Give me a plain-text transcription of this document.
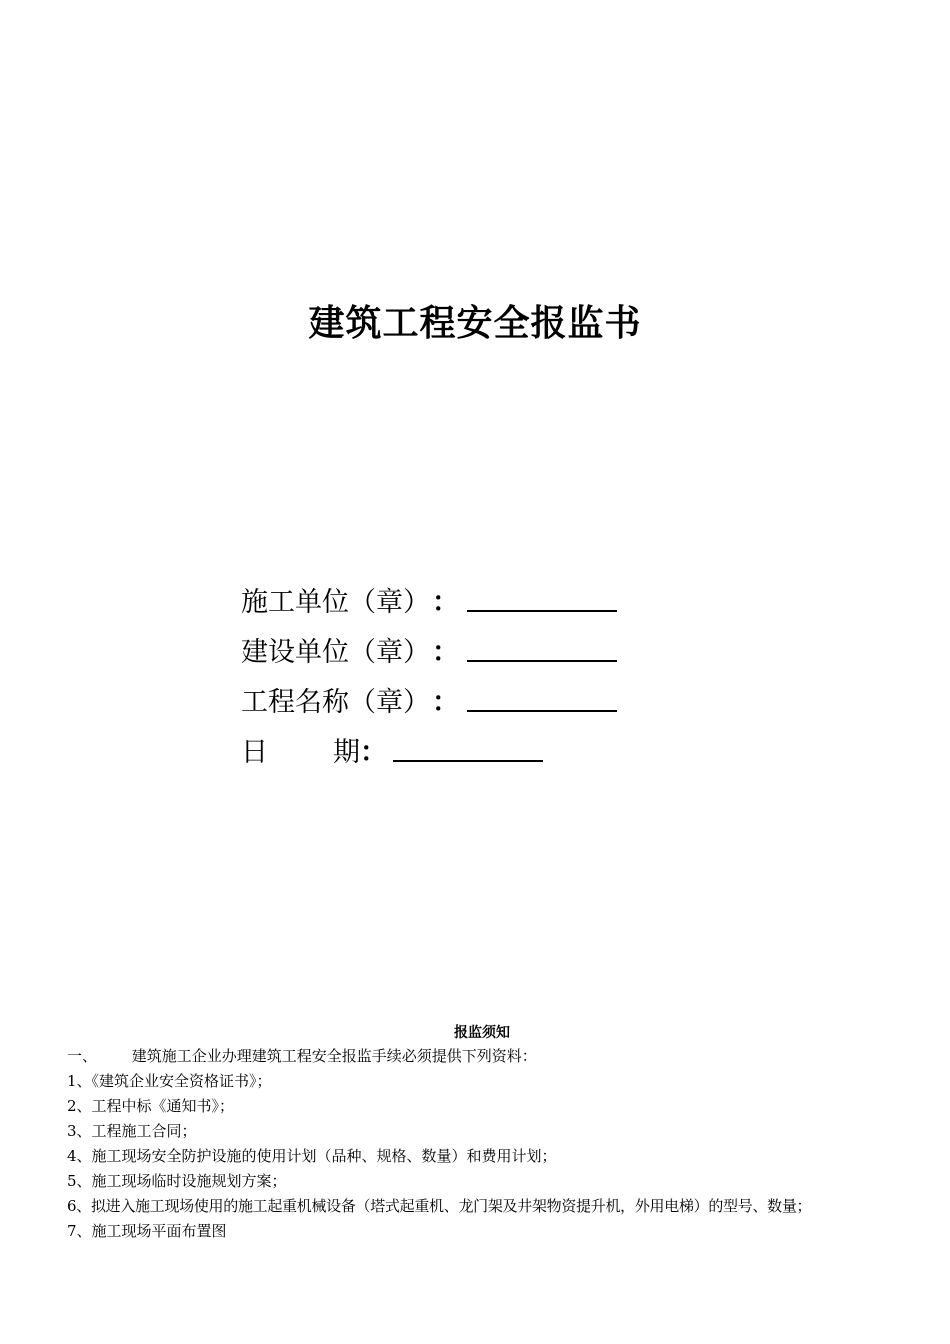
建筑工程安全报监书
施工单位（章） ：
建设单位（章） ：
工程名称（章） ：
日	期 ：
报监须知
一、 建筑施工企业办理建筑工程安全报监手续必须提供下列资料：
1、《建筑企业安全资格证书》；
2、工程中标《通知书》；
3、工程施工合同；
4、施工现场安全防护设施的使用计划（品种、规格、数量）和费用计划；
5、施工现场临时设施规划方案；
6、拟进入施工现场使用的施工起重机械设备（塔式起重机、龙门架及井架物资提升机，外用电梯）的型号、数量；
7、施工现场平面布置图
